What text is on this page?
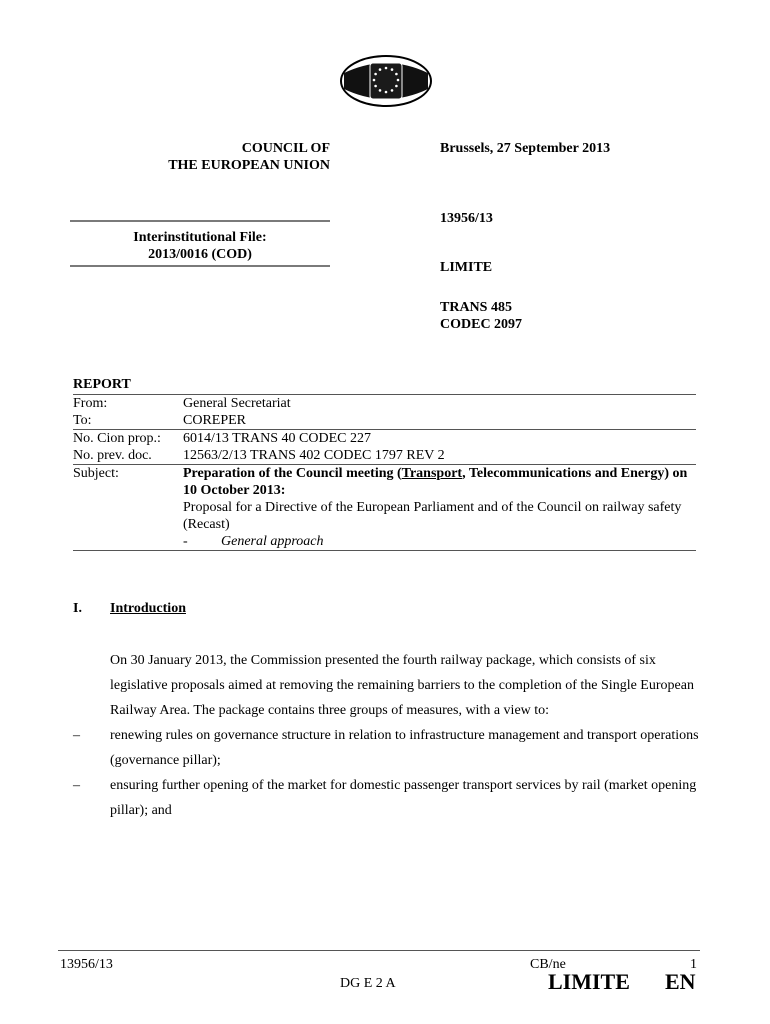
COUNCIL OF
THE EUROPEAN UNION
Brussels, 27 September 2013
Interinstitutional File:
2013/0016 (COD)
13956/13
LIMITE
TRANS 485
CODEC 2097
REPORT
From:	General Secretariat
To:	COREPER
No. Cion prop.:	6014/13 TRANS 40 CODEC 227
No. prev. doc.	12563/2/13 TRANS 402 CODEC 1797 REV 2
Subject:	Preparation of the Council meeting (Transport, Telecommunications and Energy) on 10 October 2013:
Proposal for a Directive of the European Parliament and of the Council on railway safety (Recast)
- General approach
I. Introduction
On 30 January 2013, the Commission presented the fourth railway package, which consists of six legislative proposals aimed at removing the remaining barriers to the completion of the Single European Railway Area. The package contains three groups of measures, with a view to:
–	renewing rules on governance structure in relation to infrastructure management and transport operations (governance pillar);
–	ensuring further opening of the market for domestic passenger transport services by rail (market opening pillar); and
13956/13	CB/ne	1
DG E 2 A	LIMITE EN
